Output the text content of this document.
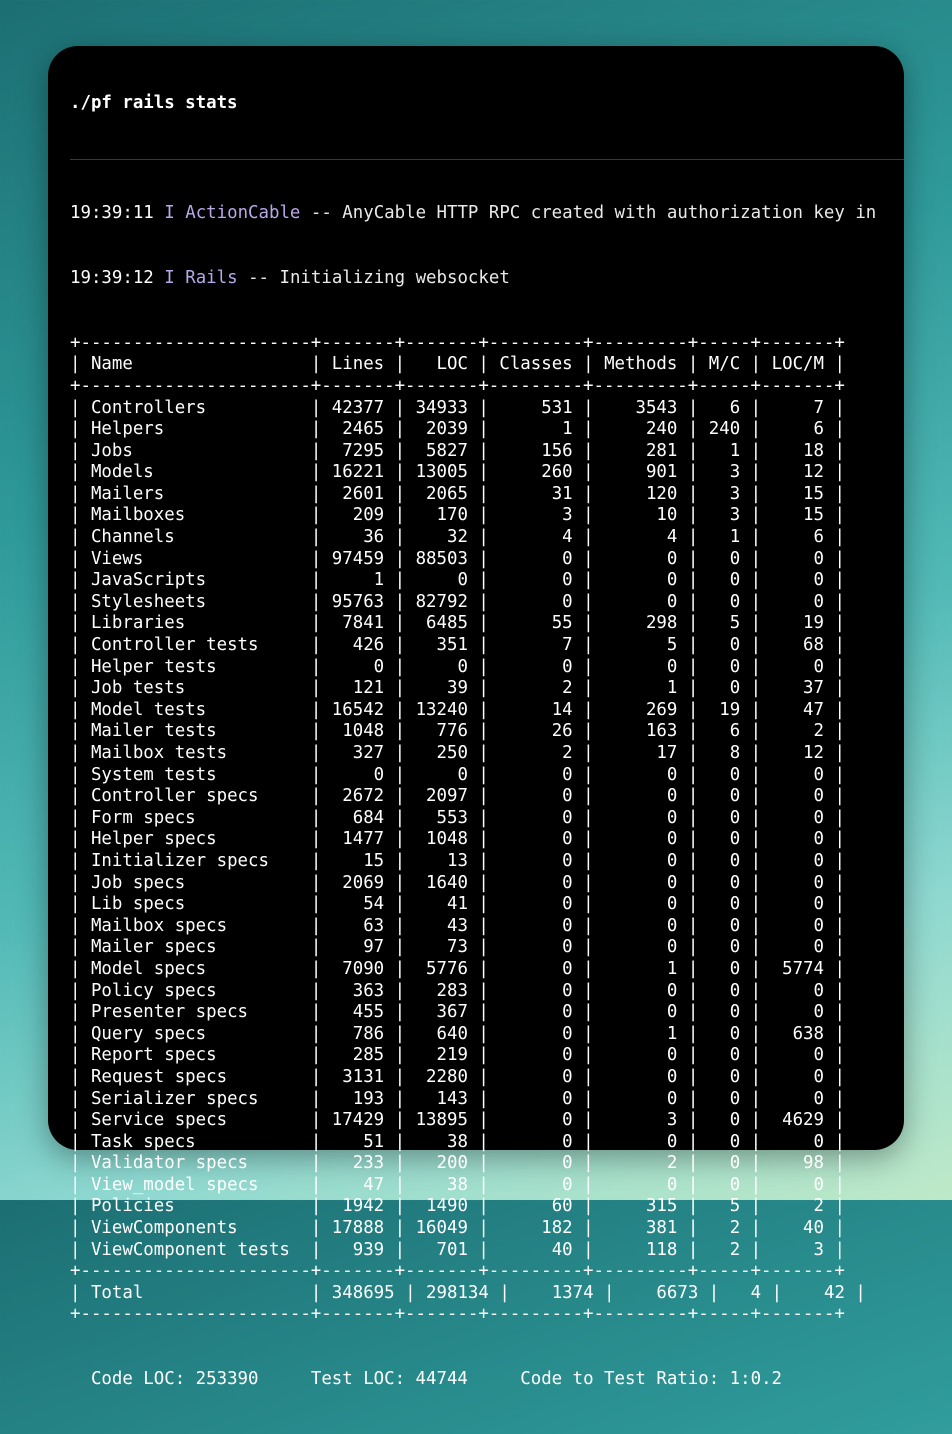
./pf rails stats

19:39:11 I ActionCable -- AnyCable HTTP RPC created with authorization key in

19:39:12 I Rails -- Initializing websocket

+----------------------+-------+-------+---------+---------+-----+-------+
| Name                 | Lines |   LOC | Classes | Methods | M/C | LOC/M |
+----------------------+-------+-------+---------+---------+-----+-------+
| Controllers          | 42377 | 34933 |     531 |    3543 |   6 |     7 |
| Helpers              |  2465 |  2039 |       1 |     240 | 240 |     6 |
| Jobs                 |  7295 |  5827 |     156 |     281 |   1 |    18 |
| Models               | 16221 | 13005 |     260 |     901 |   3 |    12 |
| Mailers              |  2601 |  2065 |      31 |     120 |   3 |    15 |
| Mailboxes            |   209 |   170 |       3 |      10 |   3 |    15 |
| Channels             |    36 |    32 |       4 |       4 |   1 |     6 |
| Views                | 97459 | 88503 |       0 |       0 |   0 |     0 |
| JavaScripts          |     1 |     0 |       0 |       0 |   0 |     0 |
| Stylesheets          | 95763 | 82792 |       0 |       0 |   0 |     0 |
| Libraries            |  7841 |  6485 |      55 |     298 |   5 |    19 |
| Controller tests     |   426 |   351 |       7 |       5 |   0 |    68 |
| Helper tests         |     0 |     0 |       0 |       0 |   0 |     0 |
| Job tests            |   121 |    39 |       2 |       1 |   0 |    37 |
| Model tests          | 16542 | 13240 |      14 |     269 |  19 |    47 |
| Mailer tests         |  1048 |   776 |      26 |     163 |   6 |     2 |
| Mailbox tests        |   327 |   250 |       2 |      17 |   8 |    12 |
| System tests         |     0 |     0 |       0 |       0 |   0 |     0 |
| Controller specs     |  2672 |  2097 |       0 |       0 |   0 |     0 |
| Form specs           |   684 |   553 |       0 |       0 |   0 |     0 |
| Helper specs         |  1477 |  1048 |       0 |       0 |   0 |     0 |
| Initializer specs    |    15 |    13 |       0 |       0 |   0 |     0 |
| Job specs            |  2069 |  1640 |       0 |       0 |   0 |     0 |
| Lib specs            |    54 |    41 |       0 |       0 |   0 |     0 |
| Mailbox specs        |    63 |    43 |       0 |       0 |   0 |     0 |
| Mailer specs         |    97 |    73 |       0 |       0 |   0 |     0 |
| Model specs          |  7090 |  5776 |       0 |       1 |   0 |  5774 |
| Policy specs         |   363 |   283 |       0 |       0 |   0 |     0 |
| Presenter specs      |   455 |   367 |       0 |       0 |   0 |     0 |
| Query specs          |   786 |   640 |       0 |       1 |   0 |   638 |
| Report specs         |   285 |   219 |       0 |       0 |   0 |     0 |
| Request specs        |  3131 |  2280 |       0 |       0 |   0 |     0 |
| Serializer specs     |   193 |   143 |       0 |       0 |   0 |     0 |
| Service specs        | 17429 | 13895 |       0 |       3 |   0 |  4629 |
| Task specs           |    51 |    38 |       0 |       0 |   0 |     0 |
| Validator specs      |   233 |   200 |       0 |       2 |   0 |    98 |
| View_model specs     |    47 |    38 |       0 |       0 |   0 |     0 |
| Policies             |  1942 |  1490 |      60 |     315 |   5 |     2 |
| ViewComponents       | 17888 | 16049 |     182 |     381 |   2 |    40 |
| ViewComponent tests  |   939 |   701 |      40 |     118 |   2 |     3 |
+----------------------+-------+-------+---------+---------+-----+-------+
| Total                | 348695 | 298134 |    1374 |    6673 |   4 |    42 |
+----------------------+-------+-------+---------+---------+-----+-------+

Code LOC: 253390	Test LOC: 44744	Code to Test Ratio: 1:0.2
